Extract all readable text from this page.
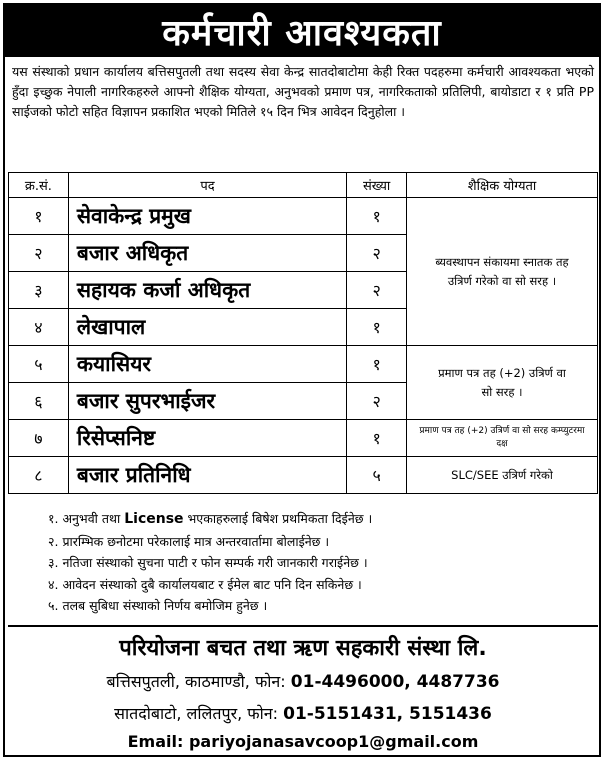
कर्मचारी आवश्यकता
यस संस्थाको प्रधान कार्यालय बत्तिसपुतली तथा सदस्य सेवा केन्द्र सातदोबाटोमा केही रिक्त पदहरुमा कर्मचारी आवश्यकता भएको हुँदा इच्छुक नेपाली नागरिकहरुले आफ्नो शैक्षिक योग्यता, अनुभवको प्रमाण पत्र, नागरिकताको प्रतिलिपी, बायोडाटा र १ प्रति PP साईजको फोटो सहित विज्ञापन प्रकाशित भएको मितिले १५ दिन भित्र आवेदन दिनुहोला ।
क्र.सं.	पद	संख्या	शैक्षिक योग्यता
१	सेवाकेन्द्र प्रमुख	१	ब्यवस्थापन संकायमा स्नातक तह उत्रिर्ण गरेको वा सो सरह ।

२	बजार अधिकृत	२	
३	सहायक कर्जा अधिकृत	२	
४	लेखापाल	१	
५	कयासियर	१	प्रमाण पत्र तह (+2) उत्रिर्ण वा सो सरह ।

६	बजार सुपरभाईजर	२	
७	रिसेप्सनिष्ट	१	प्रमाण पत्र तह (+2) उत्रिर्ण वा सो सरह कम्प्युटरमा दक्ष

८	बजार प्रतिनिधि	५	SLC/SEE उत्रिर्ण गरेको
१. अनुभवी तथा License भएकाहरुलाई बिषेश प्रथमिकता दिईनेछ ।
२. प्रारम्भिक छनोटमा परेकालाई मात्र अन्तरवार्तामा बोलाईनेछ ।
३. नतिजा संस्थाको सुचना पाटी र फोन सम्पर्क गरी जानकारी गराईनेछ ।
४. आवेदन संस्थाको दुबै कार्यालयबाट र ईमेल बाट पनि दिन सकिनेछ ।
५. तलब सुबिधा संस्थाको निर्णय बमोजिम हुनेछ ।
परियोजना बचत तथा ऋण सहकारी संस्था लि.
बत्तिसपुतली, काठमाण्डौ, फोन: 01-4496000, 4487736
सातदोबाटो, ललितपुर, फोन: 01-5151431, 5151436
Email: pariyojanasavcoop1@gmail.com
